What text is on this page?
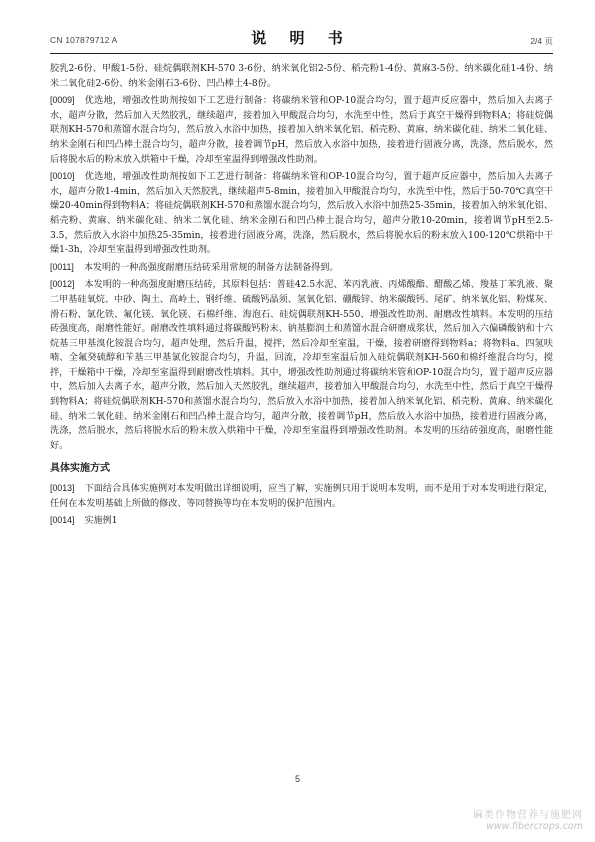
CN 107879712 A	说 明 书	2/4 页

胶乳2-6份、甲酸1-5份、硅烷偶联剂KH-570 3-6份、纳米氧化铝2-5份、稻壳粉1-4份、黄麻3-5份、纳米碳化硅1-4份、纳米二氧化硅2-6份、纳米金刚石3-6份、凹凸棒土4-8份。

[0009] 优选地，增强改性助剂按如下工艺进行制备：将碳纳米管和OP-10混合均匀，置于超声反应器中，然后加入去离子水，超声分散，然后加入天然胶乳，继续超声，接着加入甲酸混合均匀，水洗至中性，然后于真空干燥得到物料A；将硅烷偶联剂KH-570和蒸馏水混合均匀，然后放入水浴中加热，接着加入纳米氧化铝、稻壳粉、黄麻、纳米碳化硅、纳米二氧化硅、纳米金刚石和凹凸棒土混合均匀，超声分散，接着调节pH，然后放入水浴中加热，接着进行固液分离，洗涤，然后脱水，然后将脱水后的粉末放入烘箱中干燥，冷却至室温得到增强改性助剂。

[0010] 优选地，增强改性助剂按如下工艺进行制备：将碳纳米管和OP-10混合均匀，置于超声反应器中，然后加入去离子水，超声分散1-4min，然后加入天然胶乳，继续超声5-8min，接着加入甲酸混合均匀，水洗至中性，然后于50-70℃真空干燥20-40min得到物料A；将硅烷偶联剂KH-570和蒸馏水混合均匀，然后放入水浴中加热25-35min，接着加入纳米氧化铝、稻壳粉、黄麻、纳米碳化硅、纳米二氧化硅、纳米金刚石和凹凸棒土混合均匀，超声分散10-20min，接着调节pH至2.5-3.5，然后放入水浴中加热25-35min，接着进行固液分离，洗涤，然后脱水，然后将脱水后的粉末放入100-120℃烘箱中干燥1-3h，冷却至室温得到增强改性助剂。

[0011] 本发明的一种高强度耐磨压结砖采用常规的制备方法制备得到。

[0012] 本发明的一种高强度耐磨压结砖，其原料包括：普硅42.5水泥、苯丙乳液、丙烯酸酯、醋酸乙烯、羧基丁苯乳液、聚二甲基硅氧烷、中砂、陶土、高岭土、钢纤维、硫酸钙晶须、氢氧化铝、硼酸锌、纳米碳酸钙、尾矿、纳米氧化铝、粉煤灰、滑石粉、氯化铁、氟化镁、氧化镁、石棉纤维、海泡石、硅烷偶联剂KH-550、增强改性助剂、耐磨改性填料。本发明的压结砖强度高，耐磨性能好。耐磨改性填料通过将碳酸钙粉末、钠基膨润土和蒸馏水混合研磨成浆状，然后加入六偏磷酸钠和十六烷基三甲基溴化铵混合均匀，超声处理，然后升温，搅拌，然后冷却至室温，干燥，接着研磨得到物料a；将物料a、四氢呋喃、全氟癸硫醇和苄基三甲基氯化铵混合均匀，升温，回流，冷却至室温后加入硅烷偶联剂KH-560和棉纤维混合均匀，搅拌，干燥箱中干燥，冷却至室温得到耐磨改性填料。其中，增强改性助剂通过将碳纳米管和OP-10混合均匀，置于超声反应器中，然后加入去离子水，超声分散，然后加入天然胶乳，继续超声，接着加入甲酸混合均匀，水洗至中性，然后于真空干燥得到物料A；将硅烷偶联剂KH-570和蒸馏水混合均匀，然后放入水浴中加热，接着加入纳米氧化铝、稻壳粉、黄麻、纳米碳化硅、纳米二氧化硅、纳米金刚石和凹凸棒土混合均匀，超声分散，接着调节pH，然后放入水浴中加热，接着进行固液分离，洗涤，然后脱水，然后将脱水后的粉末放入烘箱中干燥，冷却至室温得到增强改性助剂。本发明的压结砖强度高，耐磨性能好。

具体实施方式

[0013] 下面结合具体实施例对本发明做出详细说明，应当了解，实施例只用于说明本发明，而不是用于对本发明进行限定，任何在本发明基础上所做的修改、等同替换等均在本发明的保护范围内。

[0014] 实施例1

5
麻类作物营养与施肥网
www.fibercrops.com
